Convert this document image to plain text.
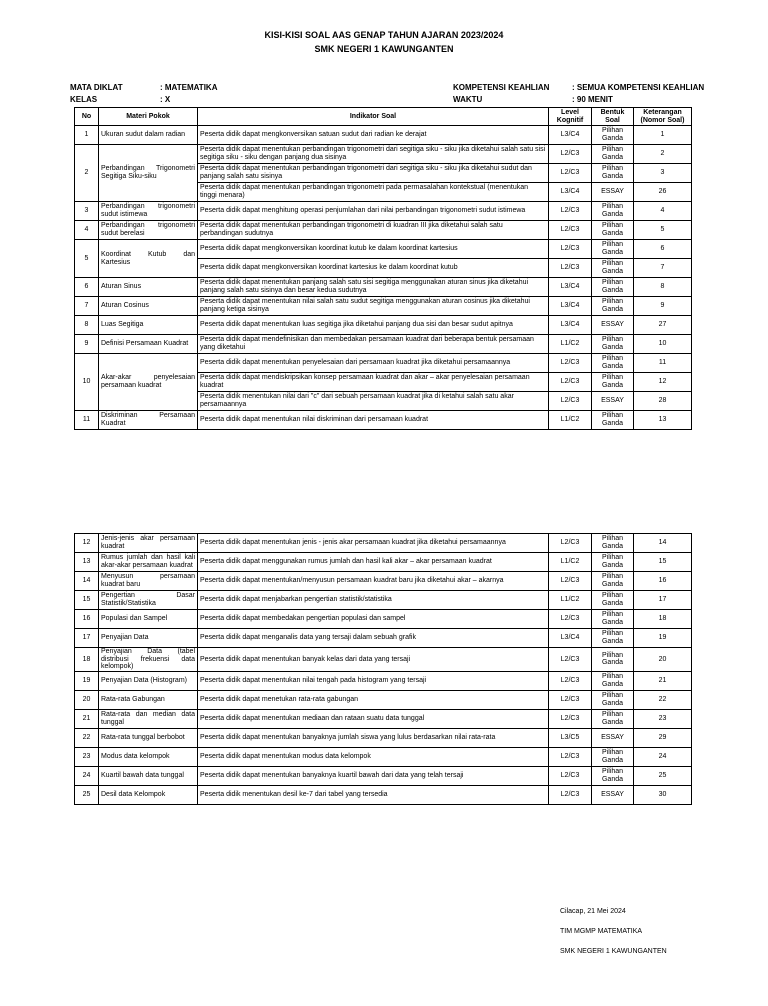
KISI-KISI SOAL AAS GENAP TAHUN AJARAN 2023/2024
SMK NEGERI 1 KAWUNGANTEN
MATA DIKLAT	: MATEMATIKA
KELAS	: X
KOMPETENSI KEAHLIAN	: SEMUA KOMPETENSI KEAHLIAN
WAKTU	: 90 MENIT
No	Materi Pokok	Indikator Soal	Level Kognitif	Bentuk Soal	Keterangan (Nomor Soal)
1	Ukuran sudut dalam radian	Peserta didik dapat mengkonversikan satuan sudut dari radian ke derajat	L3/C4	Pilihan Ganda	1
2	Perbandingan Trigonometri Segitiga Siku-siku	Peserta didik dapat menentukan perbandingan trigonometri dari segitiga siku - siku jika diketahui salah satu sisi segitiga siku - siku dengan panjang dua sisinya	L2/C3	Pilihan Ganda	2
		Peserta didik dapat menentukan perbandingan trigonometri dari segitiga siku - siku jika diketahui sudut dan panjang salah satu sisinya	L2/C3	Pilihan Ganda	3
		Peserta didik dapat menentukan perbandingan trigonometri pada permasalahan kontekstual (menentukan tinggi menara)	L3/C4	ESSAY	26
3	Perbandingan trigonometri sudut istimewa	Peserta didik dapat menghitung operasi penjumlahan dari nilai perbandingan trigonometri sudut istimewa	L2/C3	Pilihan Ganda	4
4	Perbandingan trigonometri sudut berelasi	Peserta didik dapat menentukan perbandingan trigonometri di kuadran III jika diketahui salah satu perbandingan sudutnya	L2/C3	Pilihan Ganda	5
5	Koordinat Kutub dan Kartesius	Peserta didik dapat mengkonversikan koordinat kutub ke dalam koordinat kartesius	L2/C3	Pilihan Ganda	6
		Peserta didik dapat mengkonversikan koordinat kartesius ke dalam koordinat kutub	L2/C3	Pilihan Ganda	7
6	Aturan Sinus	Peserta didik dapat menentukan panjang salah satu sisi segitiga menggunakan aturan sinus jika diketahui panjang salah satu sisinya dan besar kedua sudutnya	L3/C4	Pilihan Ganda	8
7	Aturan Cosinus	Peserta didik dapat menentukan nilai salah satu sudut segitiga menggunakan aturan cosinus jika diketahui panjang ketiga sisinya	L3/C4	Pilihan Ganda	9
8	Luas Segitiga	Peserta didik dapat menentukan luas segitiga jika diketahui panjang dua sisi dan besar sudut apitnya	L3/C4	ESSAY	27
9	Definisi Persamaan Kuadrat	Peserta didik dapat mendefinisikan dan membedakan persamaan kuadrat dari beberapa bentuk persamaan yang diketahui	L1/C2	Pilihan Ganda	10
10	Akar-akar penyelesaian persamaan kuadrat	Peserta didik dapat menentukan penyelesaian dari persamaan kuadrat jika diketahui persamaannya	L2/C3	Pilihan Ganda	11
		Peserta didik dapat mendiskripsikan konsep persamaan kuadrat dan akar – akar penyelesaian persamaan kuadrat	L2/C3	Pilihan Ganda	12
		Peserta didik menentukan nilai dari "c" dari sebuah persamaan kuadrat jika di ketahui salah satu akar persamaannya	L2/C3	ESSAY	28
11	Diskriminan Persamaan Kuadrat	Peserta didik dapat menentukan nilai diskriminan dari persamaan kuadrat	L1/C2	Pilihan Ganda	13
12	Jenis-jenis akar persamaan kuadrat	Peserta didik dapat menentukan jenis - jenis akar persamaan kuadrat jika diketahui persamaannya	L2/C3	Pilihan Ganda	14
13	Rumus jumlah dan hasil kali akar-akar persamaan kuadrat	Peserta didik dapat menggunakan rumus jumlah dan hasil kali akar – akar persamaan kuadrat	L1/C2	Pilihan Ganda	15
14	Menyusun persamaan kuadrat baru	Peserta didik dapat menentukan/menyusun persamaan kuadrat baru jika diketahui akar – akarnya	L2/C3	Pilihan Ganda	16
15	Pengertian Dasar Statistik/Statistika	Peserta didik dapat menjabarkan pengertian statistik/statistika	L1/C2	Pilihan Ganda	17
16	Populasi dan Sampel	Peserta didik dapat membedakan pengertian populasi dan sampel	L2/C3	Pilihan Ganda	18
17	Penyajian Data	Peserta didik dapat menganalis data yang tersaji dalam sebuah grafik	L3/C4	Pilihan Ganda	19
18	Penyajian Data (tabel distribusi frekuensi data kelompok)	Peserta didik dapat menentukan banyak kelas dari data yang tersaji	L2/C3	Pilihan Ganda	20
19	Penyajian Data (Histogram)	Peserta didik dapat menentukan nilai tengah pada histogram yang tersaji	L2/C3	Pilihan Ganda	21
20	Rata-rata Gabungan	Peserta didik dapat menetukan rata-rata gabungan	L2/C3	Pilihan Ganda	22
21	Rata-rata dan median data tunggal	Peserta didik dapat menentukan mediaan dan rataan suatu data tunggal	L2/C3	Pilihan Ganda	23
22	Rata-rata tunggal berbobot	Peserta didik dapat menentukan banyaknya jumlah siswa yang lulus berdasarkan nilai rata-rata	L3/C5	ESSAY	29
23	Modus data kelompok	Peserta didik dapat menentukan modus data kelompok	L2/C3	Pilihan Ganda	24
24	Kuartil bawah data tunggal	Peserta didik dapat menentukan banyaknya kuartil bawah dari data yang telah tersaji	L2/C3	Pilihan Ganda	25
25	Desil data Kelompok	Peserta didik menentukan desil ke-7 dari tabel yang tersedia	L2/C3	ESSAY	30
Cilacap, 21 Mei 2024
TIM MGMP MATEMATIKA
SMK NEGERI 1 KAWUNGANTEN
